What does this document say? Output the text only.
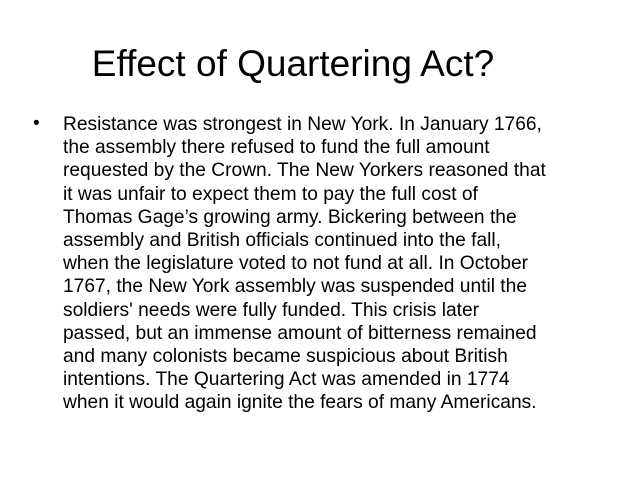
Effect of Quartering Act?
• Resistance was strongest in New York. In January 1766,
the assembly there refused to fund the full amount
requested by the Crown. The New Yorkers reasoned that
it was unfair to expect them to pay the full cost of
Thomas Gage’s growing army. Bickering between the
assembly and British officials continued into the fall,
when the legislature voted to not fund at all. In October
1767, the New York assembly was suspended until the
soldiers' needs were fully funded. This crisis later
passed, but an immense amount of bitterness remained
and many colonists became suspicious about British
intentions. The Quartering Act was amended in 1774
when it would again ignite the fears of many Americans.
